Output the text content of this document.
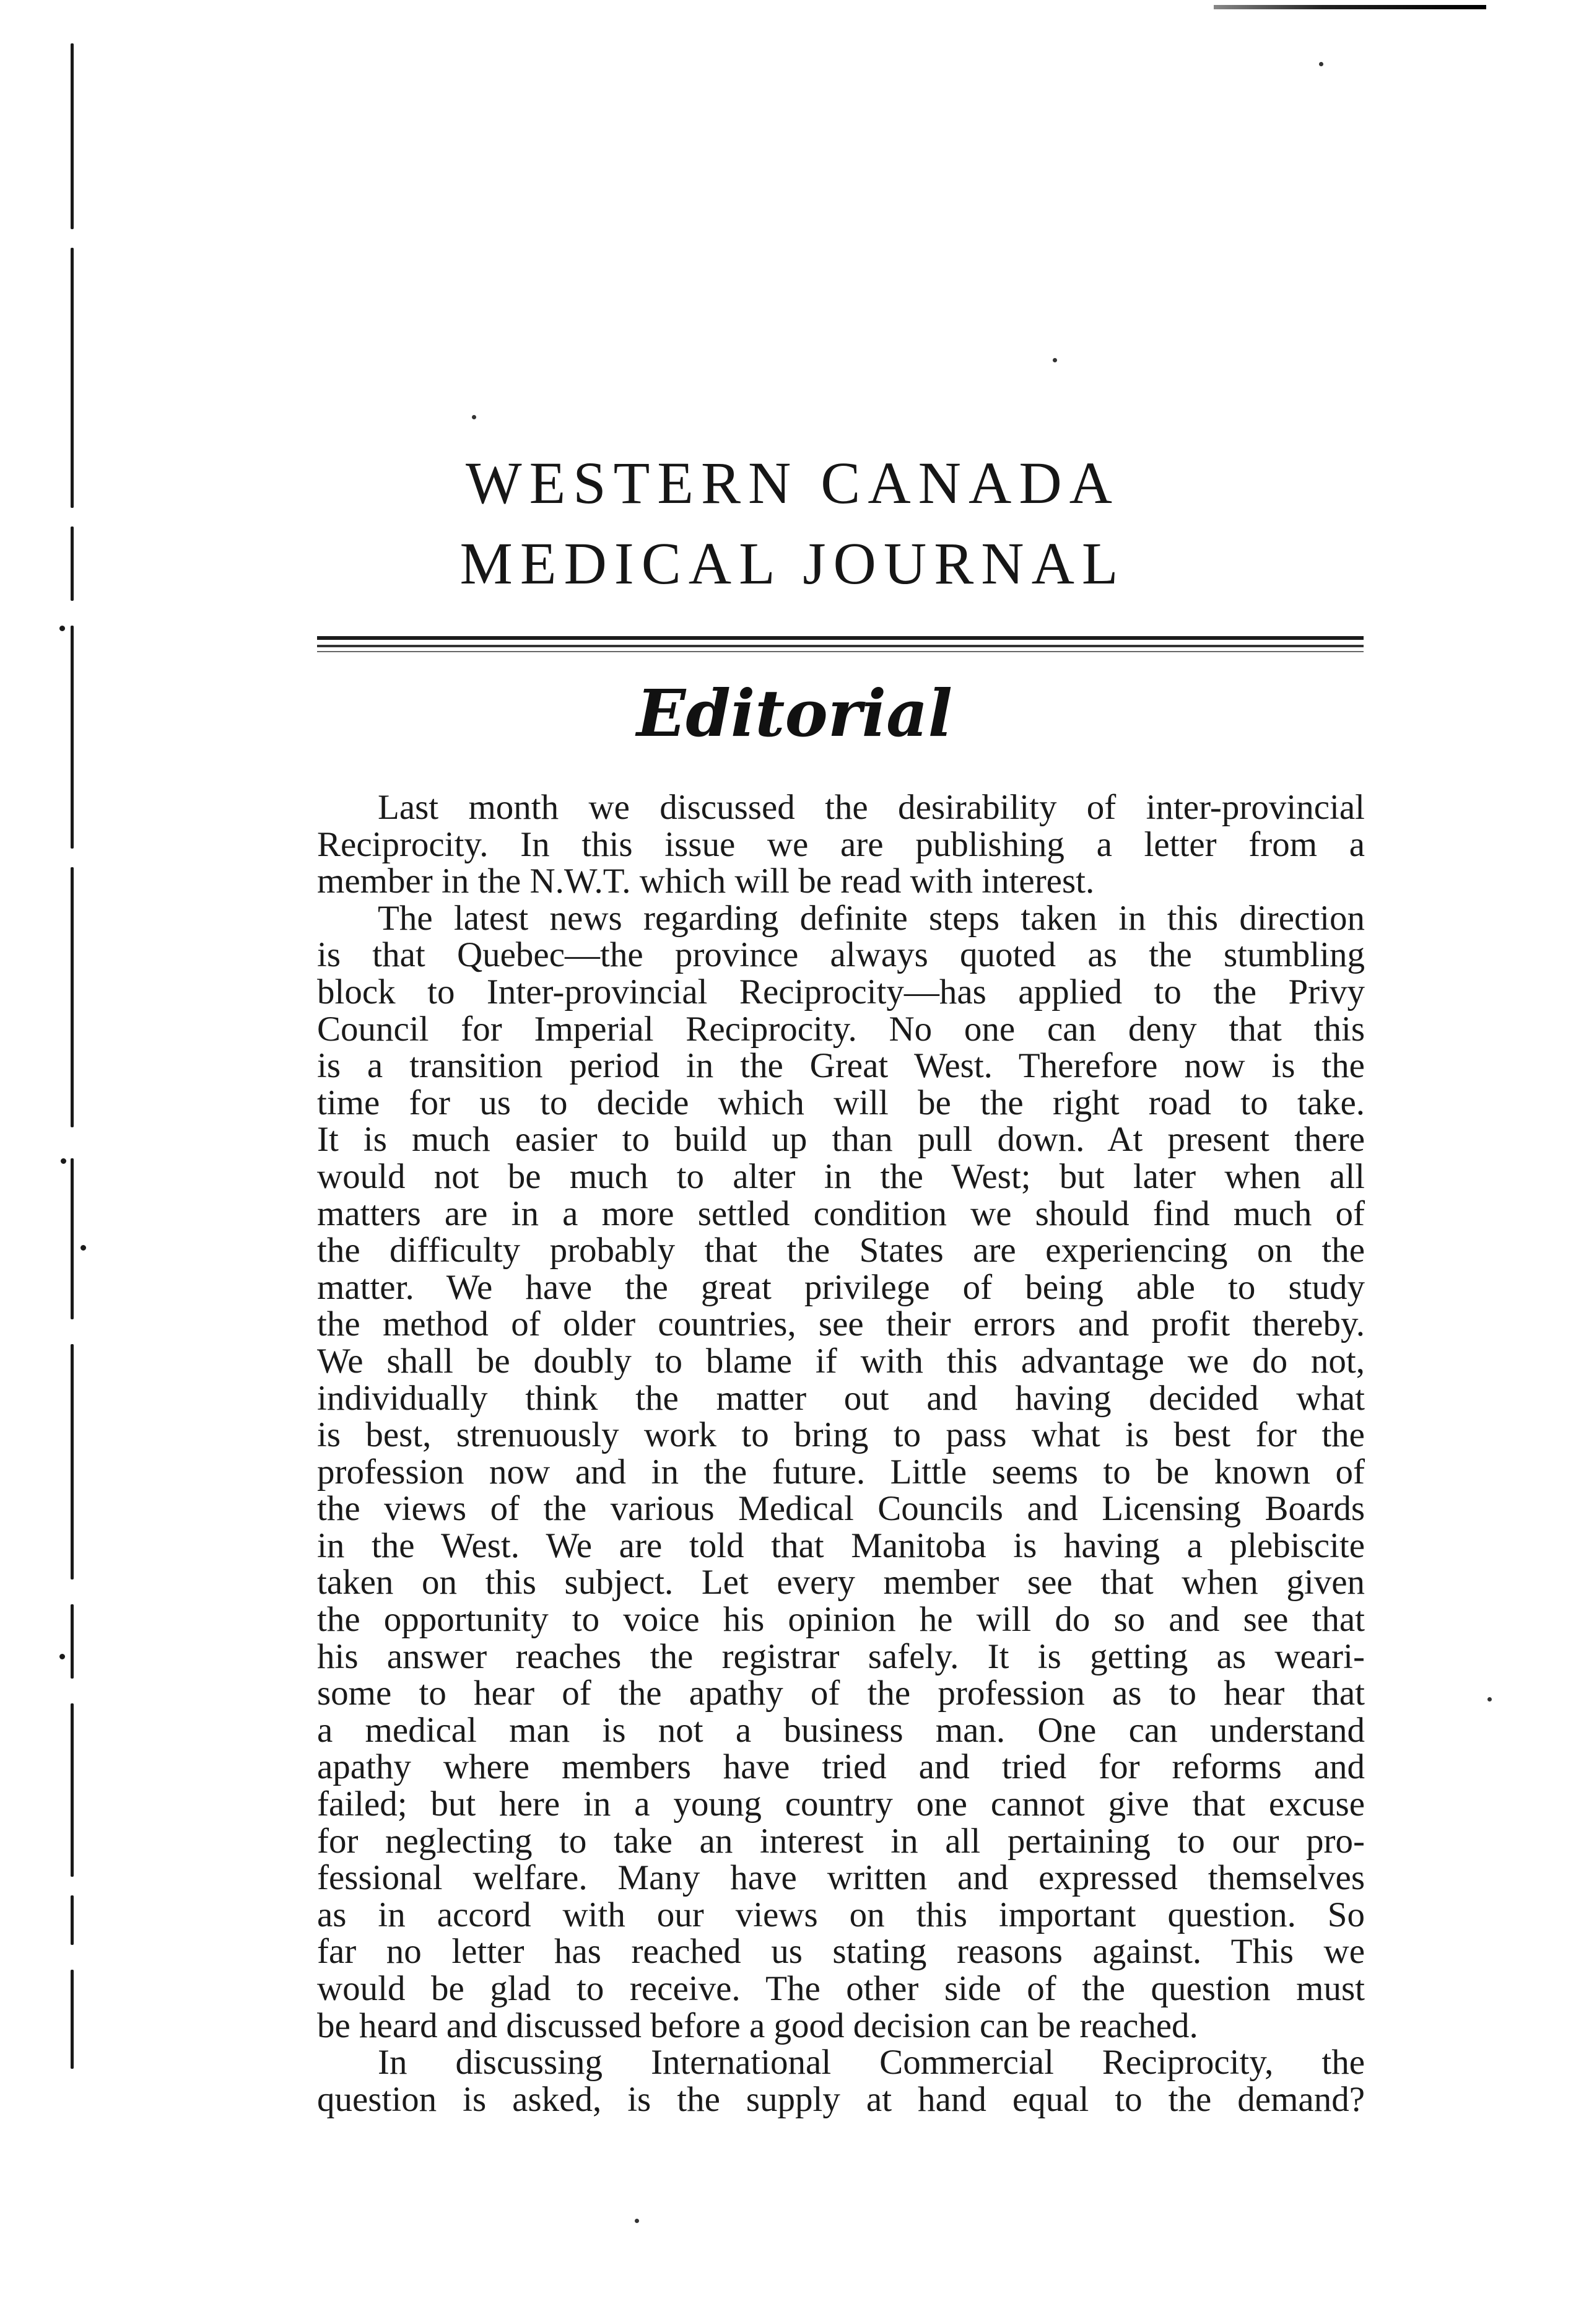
WESTERN CANADA
MEDICAL JOURNAL
Editorial
Last month we discussed the desirability of inter-provincial
Reciprocity. In this issue we are publishing a letter from a
member in the N.W.T. which will be read with interest.
The latest news regarding definite steps taken in this direction
is that Quebec—the province always quoted as the stumbling
block to Inter-provincial Reciprocity—has applied to the Privy
Council for Imperial Reciprocity. No one can deny that this
is a transition period in the Great West. Therefore now is the
time for us to decide which will be the right road to take.
It is much easier to build up than pull down. At present there
would not be much to alter in the West; but later when all
matters are in a more settled condition we should find much of
the difficulty probably that the States are experiencing on the
matter. We have the great privilege of being able to study
the method of older countries, see their errors and profit thereby.
We shall be doubly to blame if with this advantage we do not,
individually think the matter out and having decided what
is best, strenuously work to bring to pass what is best for the
profession now and in the future. Little seems to be known of
the views of the various Medical Councils and Licensing Boards
in the West. We are told that Manitoba is having a plebiscite
taken on this subject. Let every member see that when given
the opportunity to voice his opinion he will do so and see that
his answer reaches the registrar safely. It is getting as weari-
some to hear of the apathy of the profession as to hear that
a medical man is not a business man. One can understand
apathy where members have tried and tried for reforms and
failed; but here in a young country one cannot give that excuse
for neglecting to take an interest in all pertaining to our pro-
fessional welfare. Many have written and expressed themselves
as in accord with our views on this important question. So
far no letter has reached us stating reasons against. This we
would be glad to receive. The other side of the question must
be heard and discussed before a good decision can be reached.
In discussing International Commercial Reciprocity, the
question is asked, is the supply at hand equal to the demand?
